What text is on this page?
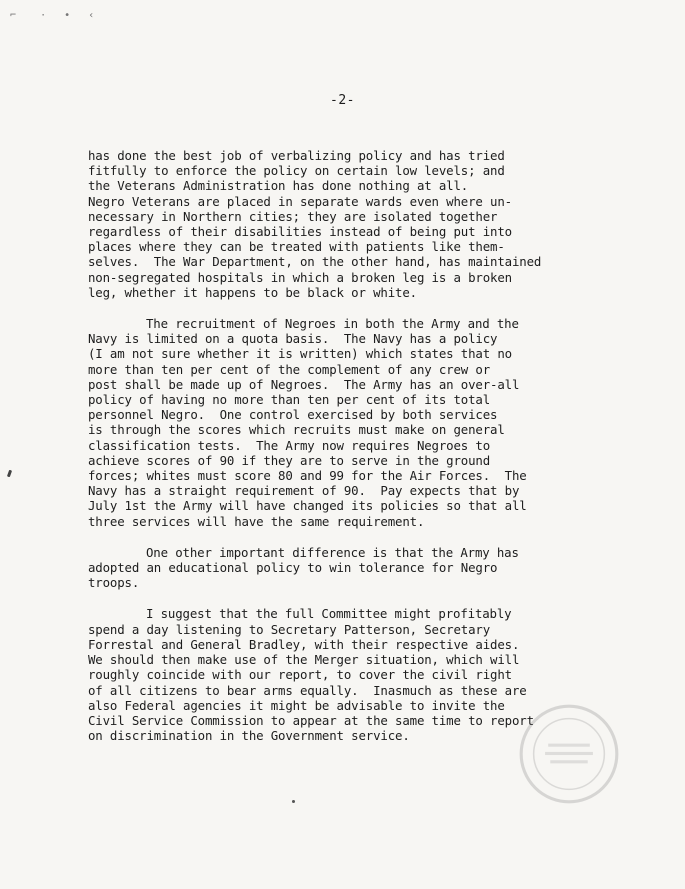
⌐    ·   •   ‹
-2-

has done the best job of verbalizing policy and has tried
fitfully to enforce the policy on certain low levels; and
the Veterans Administration has done nothing at all.
Negro Veterans are placed in separate wards even where un-
necessary in Northern cities; they are isolated together
regardless of their disabilities instead of being put into
places where they can be treated with patients like them-
selves.  The War Department, on the other hand, has maintained
non-segregated hospitals in which a broken leg is a broken
leg, whether it happens to be black or white.

The recruitment of Negroes in both the Army and the
Navy is limited on a quota basis.  The Navy has a policy
(I am not sure whether it is written) which states that no
more than ten per cent of the complement of any crew or
post shall be made up of Negroes.  The Army has an over-all
policy of having no more than ten per cent of its total
personnel Negro.  One control exercised by both services
is through the scores which recruits must make on general
classification tests.  The Army now requires Negroes to
achieve scores of 90 if they are to serve in the ground
forces; whites must score 80 and 99 for the Air Forces.  The
Navy has a straight requirement of 90.  Pay expects that by
July 1st the Army will have changed its policies so that all
three services will have the same requirement.

One other important difference is that the Army has
adopted an educational policy to win tolerance for Negro
troops.

I suggest that the full Committee might profitably
spend a day listening to Secretary Patterson, Secretary
Forrestal and General Bradley, with their respective aides.
We should then make use of the Merger situation, which will
roughly coincide with our report, to cover the civil right
of all citizens to bear arms equally.  Inasmuch as these are
also Federal agencies it might be advisable to invite the
Civil Service Commission to appear at the same time to report
on discrimination in the Government service.
